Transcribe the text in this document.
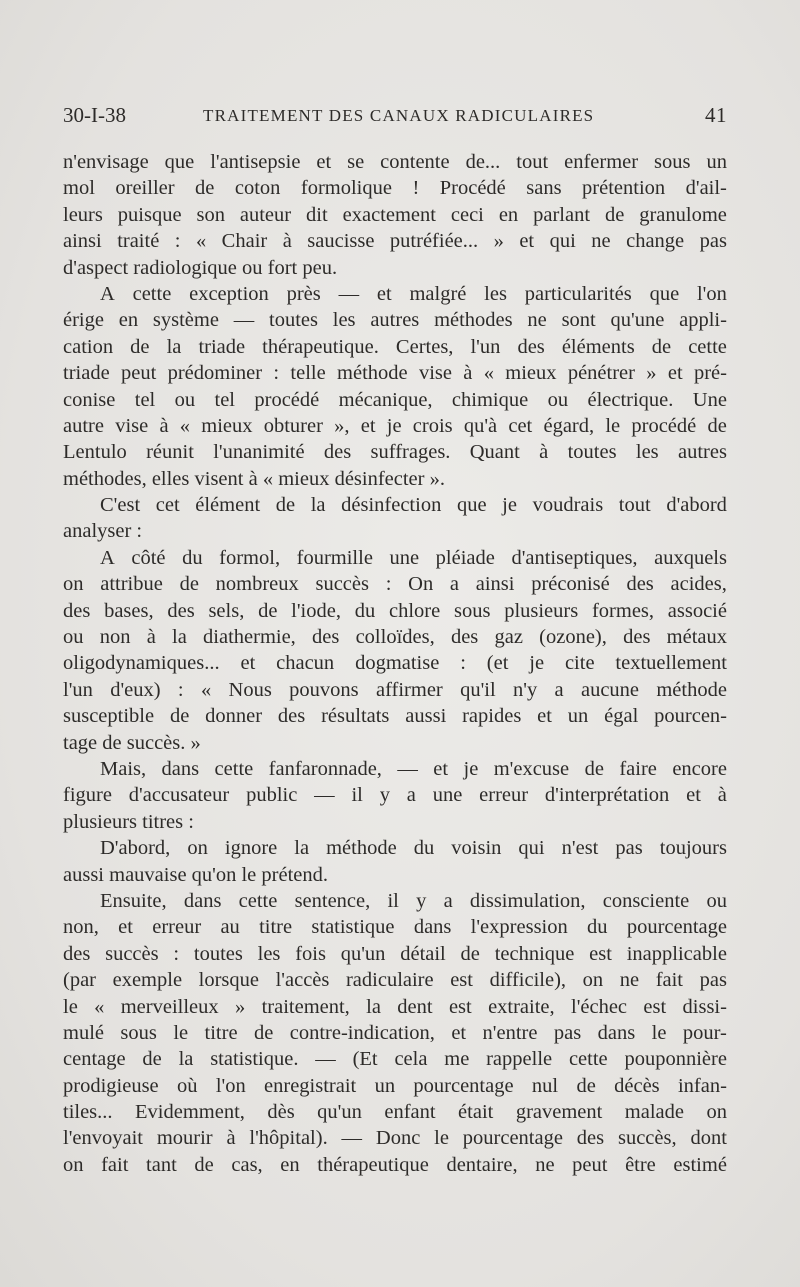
30-I-38	TRAITEMENT DES CANAUX RADICULAIRES	41
n'envisage que l'antisepsie et se contente de... tout enfermer sous un
mol oreiller de coton formolique ! Procédé sans prétention d'ail-
leurs puisque son auteur dit exactement ceci en parlant de granulome
ainsi traité : « Chair à saucisse putréfiée... » et qui ne change pas
d'aspect radiologique ou fort peu.
A cette exception près — et malgré les particularités que l'on
érige en système — toutes les autres méthodes ne sont qu'une appli-
cation de la triade thérapeutique. Certes, l'un des éléments de cette
triade peut prédominer : telle méthode vise à « mieux pénétrer » et pré-
conise tel ou tel procédé mécanique, chimique ou électrique. Une
autre vise à « mieux obturer », et je crois qu'à cet égard, le procédé de
Lentulo réunit l'unanimité des suffrages. Quant à toutes les autres
méthodes, elles visent à « mieux désinfecter ».
C'est cet élément de la désinfection que je voudrais tout d'abord
analyser :
A côté du formol, fourmille une pléiade d'antiseptiques, auxquels
on attribue de nombreux succès : On a ainsi préconisé des acides,
des bases, des sels, de l'iode, du chlore sous plusieurs formes, associé
ou non à la diathermie, des colloïdes, des gaz (ozone), des métaux
oligodynamiques... et chacun dogmatise : (et je cite textuellement
l'un d'eux) : « Nous pouvons affirmer qu'il n'y a aucune méthode
susceptible de donner des résultats aussi rapides et un égal pourcen-
tage de succès. »
Mais, dans cette fanfaronnade, — et je m'excuse de faire encore
figure d'accusateur public — il y a une erreur d'interprétation et à
plusieurs titres :
D'abord, on ignore la méthode du voisin qui n'est pas toujours
aussi mauvaise qu'on le prétend.
Ensuite, dans cette sentence, il y a dissimulation, consciente ou
non, et erreur au titre statistique dans l'expression du pourcentage
des succès : toutes les fois qu'un détail de technique est inapplicable
(par exemple lorsque l'accès radiculaire est difficile), on ne fait pas
le « merveilleux » traitement, la dent est extraite, l'échec est dissi-
mulé sous le titre de contre-indication, et n'entre pas dans le pour-
centage de la statistique. — (Et cela me rappelle cette pouponnière
prodigieuse où l'on enregistrait un pourcentage nul de décès infan-
tiles... Evidemment, dès qu'un enfant était gravement malade on
l'envoyait mourir à l'hôpital). — Donc le pourcentage des succès, dont
on fait tant de cas, en thérapeutique dentaire, ne peut être estimé
